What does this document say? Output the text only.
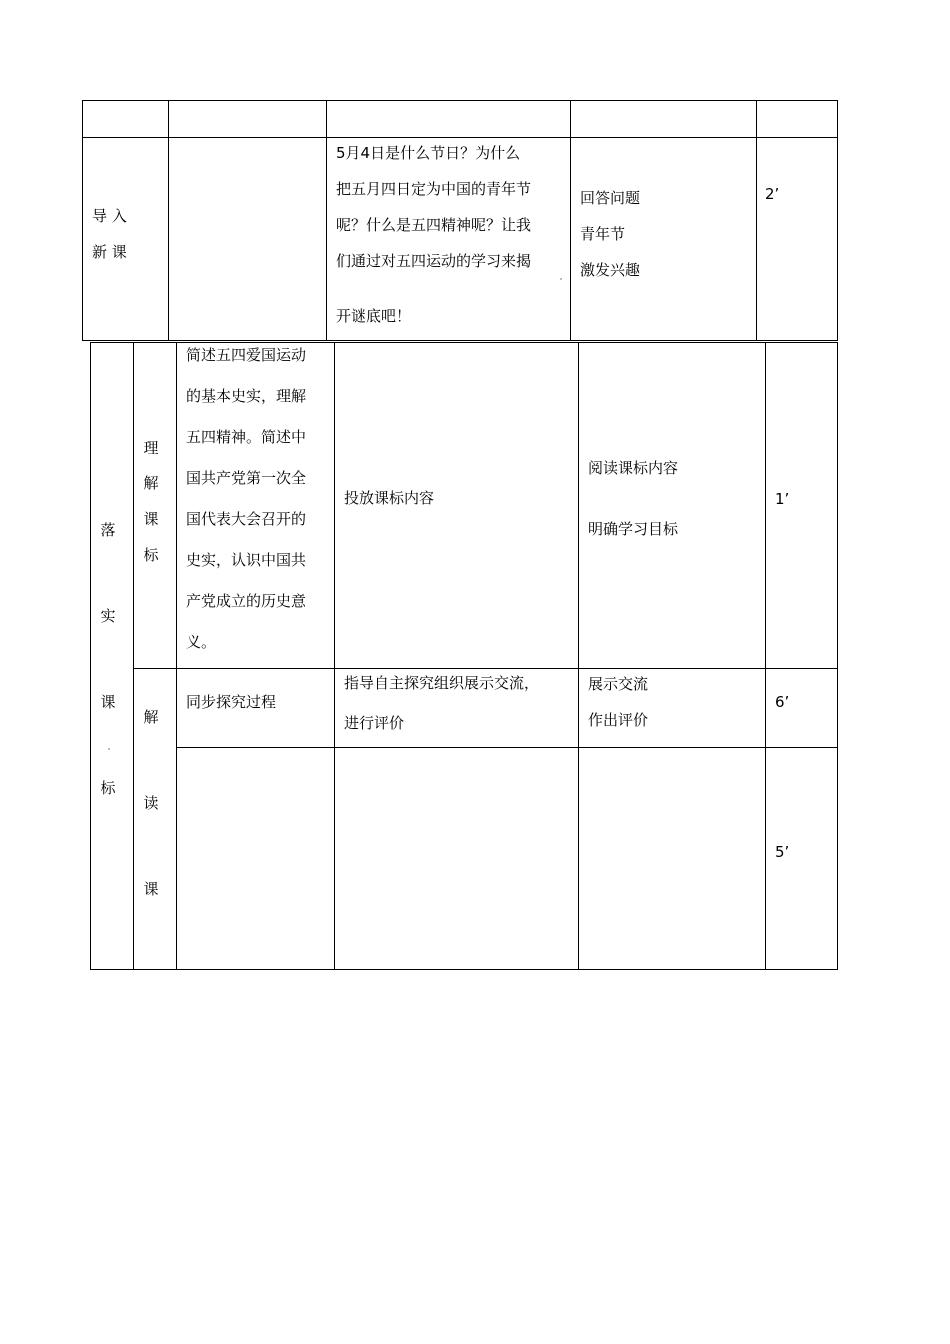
导 入
新 课
5月4日是什么节日？为什么
把五月四日定为中国的青年节
呢？什么是五四精神呢？让我
们通过对五四运动的学习来揭
开谜底吧！
回答问题
青年节
激发兴趣
2’
落
实
课
标
理
解
课
标
简述五四爱国运动
的基本史实，理解
五四精神。简述中
国共产党第一次全
国代表大会召开的
史实，认识中国共
产党成立的历史意
义。
投放课标内容
阅读课标内容
明确学习目标
1’
解
读
课
同步探究过程
指导自主探究组织展示交流，
进行评价
展示交流
作出评价
6’
5’
